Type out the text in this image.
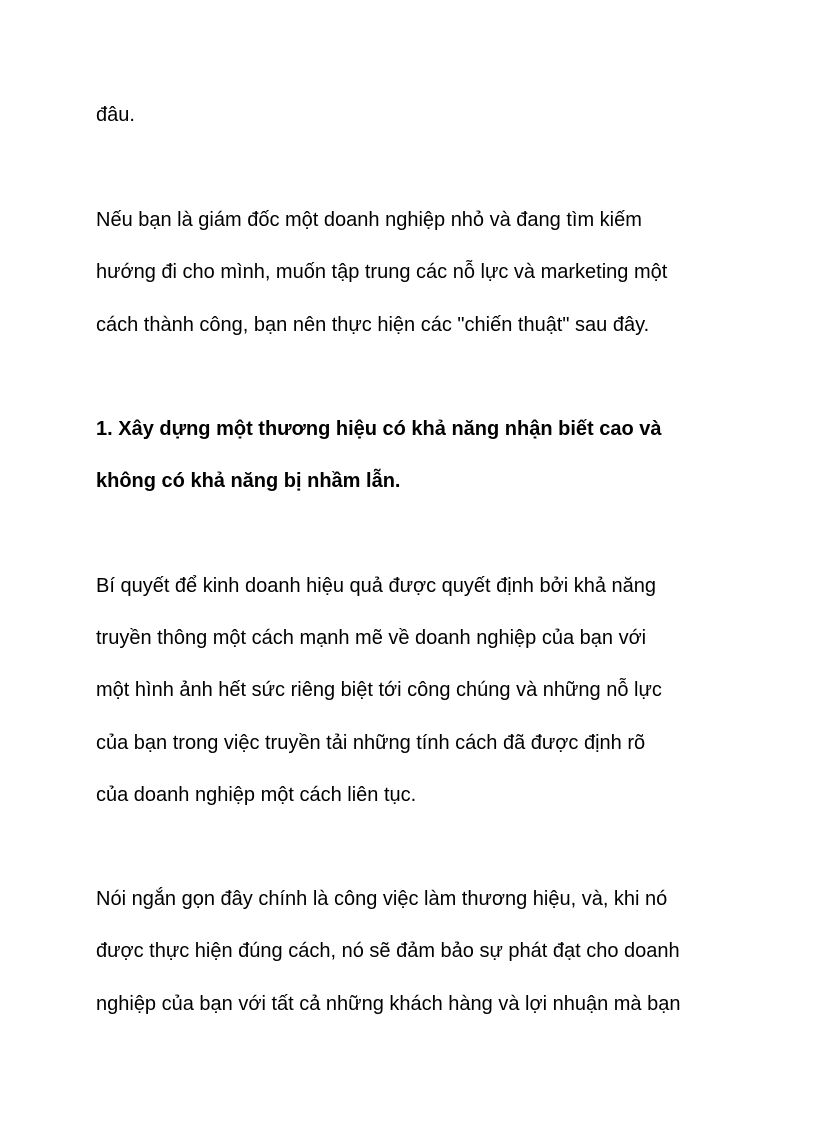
đâu.

Nếu bạn là giám đốc một doanh nghiệp nhỏ và đang tìm kiếm

hướng đi cho mình, muốn tập trung các nỗ lực và marketing một

cách thành công, bạn nên thực hiện các "chiến thuật" sau đây.

1. Xây dựng một thương hiệu có khả năng nhận biết cao và

không có khả năng bị nhầm lẫn.

Bí quyết để kinh doanh hiệu quả được quyết định bởi khả năng

truyền thông một cách mạnh mẽ về doanh nghiệp của bạn với

một hình ảnh hết sức riêng biệt tới công chúng và những nỗ lực

của bạn trong việc truyền tải những tính cách đã được định rõ

của doanh nghiệp một cách liên tục.

Nói ngắn gọn đây chính là công việc làm thương hiệu, và, khi nó

được thực hiện đúng cách, nó sẽ đảm bảo sự phát đạt cho doanh

nghiệp của bạn với tất cả những khách hàng và lợi nhuận mà bạn
